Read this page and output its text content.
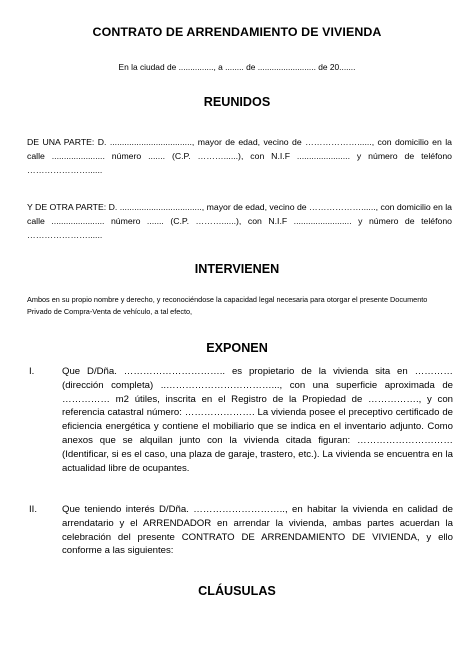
CONTRATO DE ARRENDAMIENTO DE VIVIENDA
En la ciudad de ..............., a ........ de ......................... de 20.......
REUNIDOS
DE UNA PARTE: D. .................................., mayor de edad, vecino de ………………......, con domicilio en la calle ...................... número ....... (C.P. ………......), con N.I.F ...................... y número de teléfono …………………......
Y DE OTRA PARTE: D. .................................., mayor de edad, vecino de ………………......, con domicilio en la calle ...................... número ....... (C.P. ………......), con N.I.F ........................ y número de teléfono …………………......
INTERVIENEN
Ambos en su propio nombre y derecho, y reconociéndose la capacidad legal necesaria para otorgar el presente Documento Privado de Compra-Venta de vehículo, a tal efecto,
EXPONEN
I.	Que D/Dña. ………………………….. es propietario de la vivienda sita en ………… (dirección completa) ..……………………………..., con una superficie aproximada de …………… m2 útiles, inscrita en el Registro de la Propiedad de ……………., y con referencia catastral número: …………………. La vivienda posee el preceptivo certificado de eficiencia energética y contiene el mobiliario que se indica en el inventario adjunto. Como anexos que se alquilan junto con la vivienda citada figuran: ………………………… (Identificar, si es el caso, una plaza de garaje, trastero, etc.). La vivienda se encuentra en la actualidad libre de ocupantes.
II.	Que teniendo interés D/Dña. ……………………….., en habitar la vivienda en calidad de arrendatario y el ARRENDADOR en arrendar la vivienda, ambas partes acuerdan la celebración del presente CONTRATO DE ARRENDAMIENTO DE VIVIENDA, y ello conforme a las siguientes:
CLÁUSULAS
